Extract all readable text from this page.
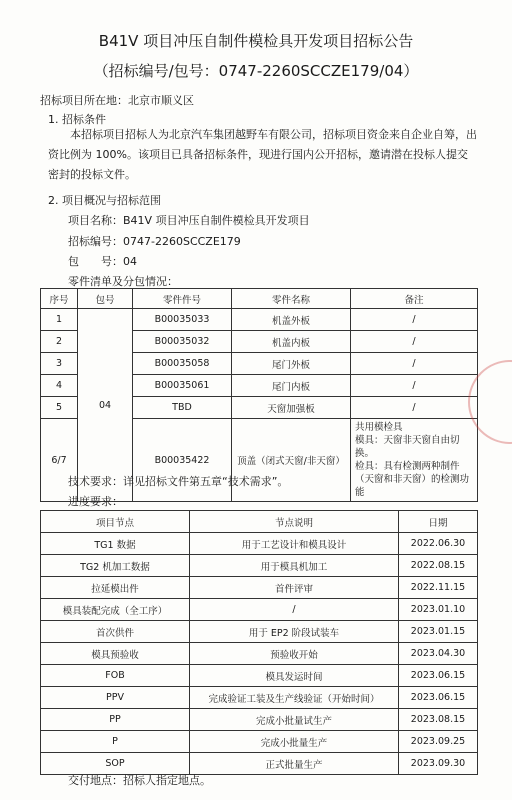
B41V 项目冲压自制件模检具开发项目招标公告
（招标编号/包号：0747-2260SCCZE179/04）
招标项目所在地：北京市顺义区
1. 招标条件
本招标项目招标人为北京汽车集团越野车有限公司，招标项目资金来自企业自筹，出资比例为 100%。该项目已具备招标条件，现进行国内公开招标，邀请潜在投标人提交密封的投标文件。
2. 项目概况与招标范围
项目名称：B41V 项目冲压自制件模检具开发项目
招标编号：0747-2260SCCZE179
包　　号：04
零件清单及分包情况：
序号	包号	零件件号	零件名称	备注
1	04	B00035033	机盖外板	/
2		B00035032	机盖内板	/
3		B00035058	尾门外板	/
4		B00035061	尾门内板	/
5		TBD	天窗加强板	/
6/7		B00035422	顶盖（闭式天窗/非天窗）	共用模检具
模具：天窗非天窗自由切换。
检具：具有检测两种制件（天窗和非天窗）的检测功能
技术要求：详见招标文件第五章“技术需求”。
进度要求：
项目节点	节点说明	日期
TG1 数据	用于工艺设计和模具设计	2022.06.30
TG2 机加工数据	用于模具机加工	2022.08.15
拉延模出件	首件评审	2022.11.15
模具装配完成（全工序）	/	2023.01.10
首次供件	用于 EP2 阶段试装车	2023.01.15
模具预验收	预验收开始	2023.04.30
FOB	模具发运时间	2023.06.15
PPV	完成验证工装及生产线验证（开始时间）	2023.06.15
PP	完成小批量试生产	2023.08.15
P	完成小批量生产	2023.09.25
SOP	正式批量生产	2023.09.30
交付地点：招标人指定地点。
